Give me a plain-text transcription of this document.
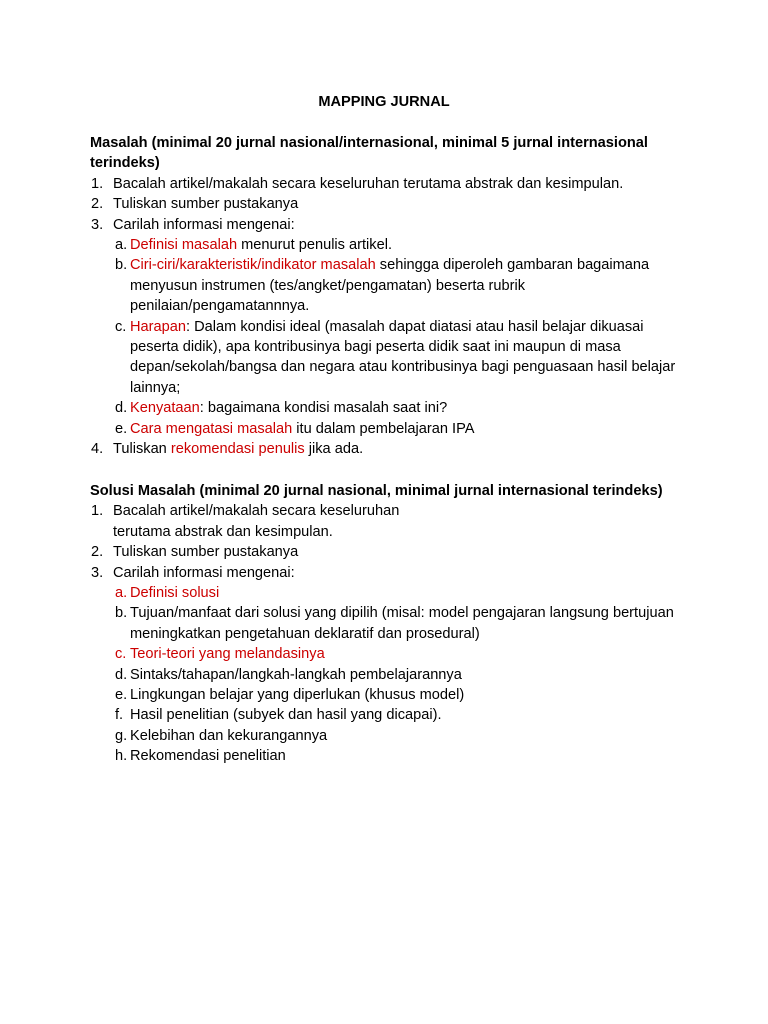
MAPPING JURNAL

Masalah (minimal 20 jurnal nasional/internasional, minimal 5 jurnal internasional terindeks)

1. Bacalah artikel/makalah secara keseluruhan terutama abstrak dan kesimpulan.
2. Tuliskan sumber pustakanya
3. Carilah informasi mengenai:
a. Definisi masalah menurut penulis artikel.
b. Ciri-ciri/karakteristik/indikator masalah sehingga diperoleh gambaran bagaimana menyusun instrumen (tes/angket/pengamatan) beserta rubrik penilaian/pengamatannnya.
c. Harapan: Dalam kondisi ideal (masalah dapat diatasi atau hasil belajar dikuasai peserta didik), apa kontribusinya bagi peserta didik saat ini maupun di masa depan/sekolah/bangsa dan negara atau kontribusinya bagi penguasaan hasil belajar lainnya;
d. Kenyataan: bagaimana kondisi masalah saat ini?
e. Cara mengatasi masalah itu dalam pembelajaran IPA
4. Tuliskan rekomendasi penulis jika ada.

Solusi Masalah (minimal 20 jurnal nasional, minimal jurnal internasional terindeks)

1. Bacalah artikel/makalah secara keseluruhan
terutama abstrak dan kesimpulan.
2. Tuliskan sumber pustakanya
3. Carilah informasi mengenai:
a. Definisi solusi
b. Tujuan/manfaat dari solusi yang dipilih (misal: model pengajaran langsung bertujuan meningkatkan pengetahuan deklaratif dan prosedural)
c. Teori-teori yang melandasinya
d. Sintaks/tahapan/langkah-langkah pembelajarannya
e. Lingkungan belajar yang diperlukan (khusus model)
f. Hasil penelitian (subyek dan hasil yang dicapai).
g. Kelebihan dan kekurangannya
h. Rekomendasi penelitian
